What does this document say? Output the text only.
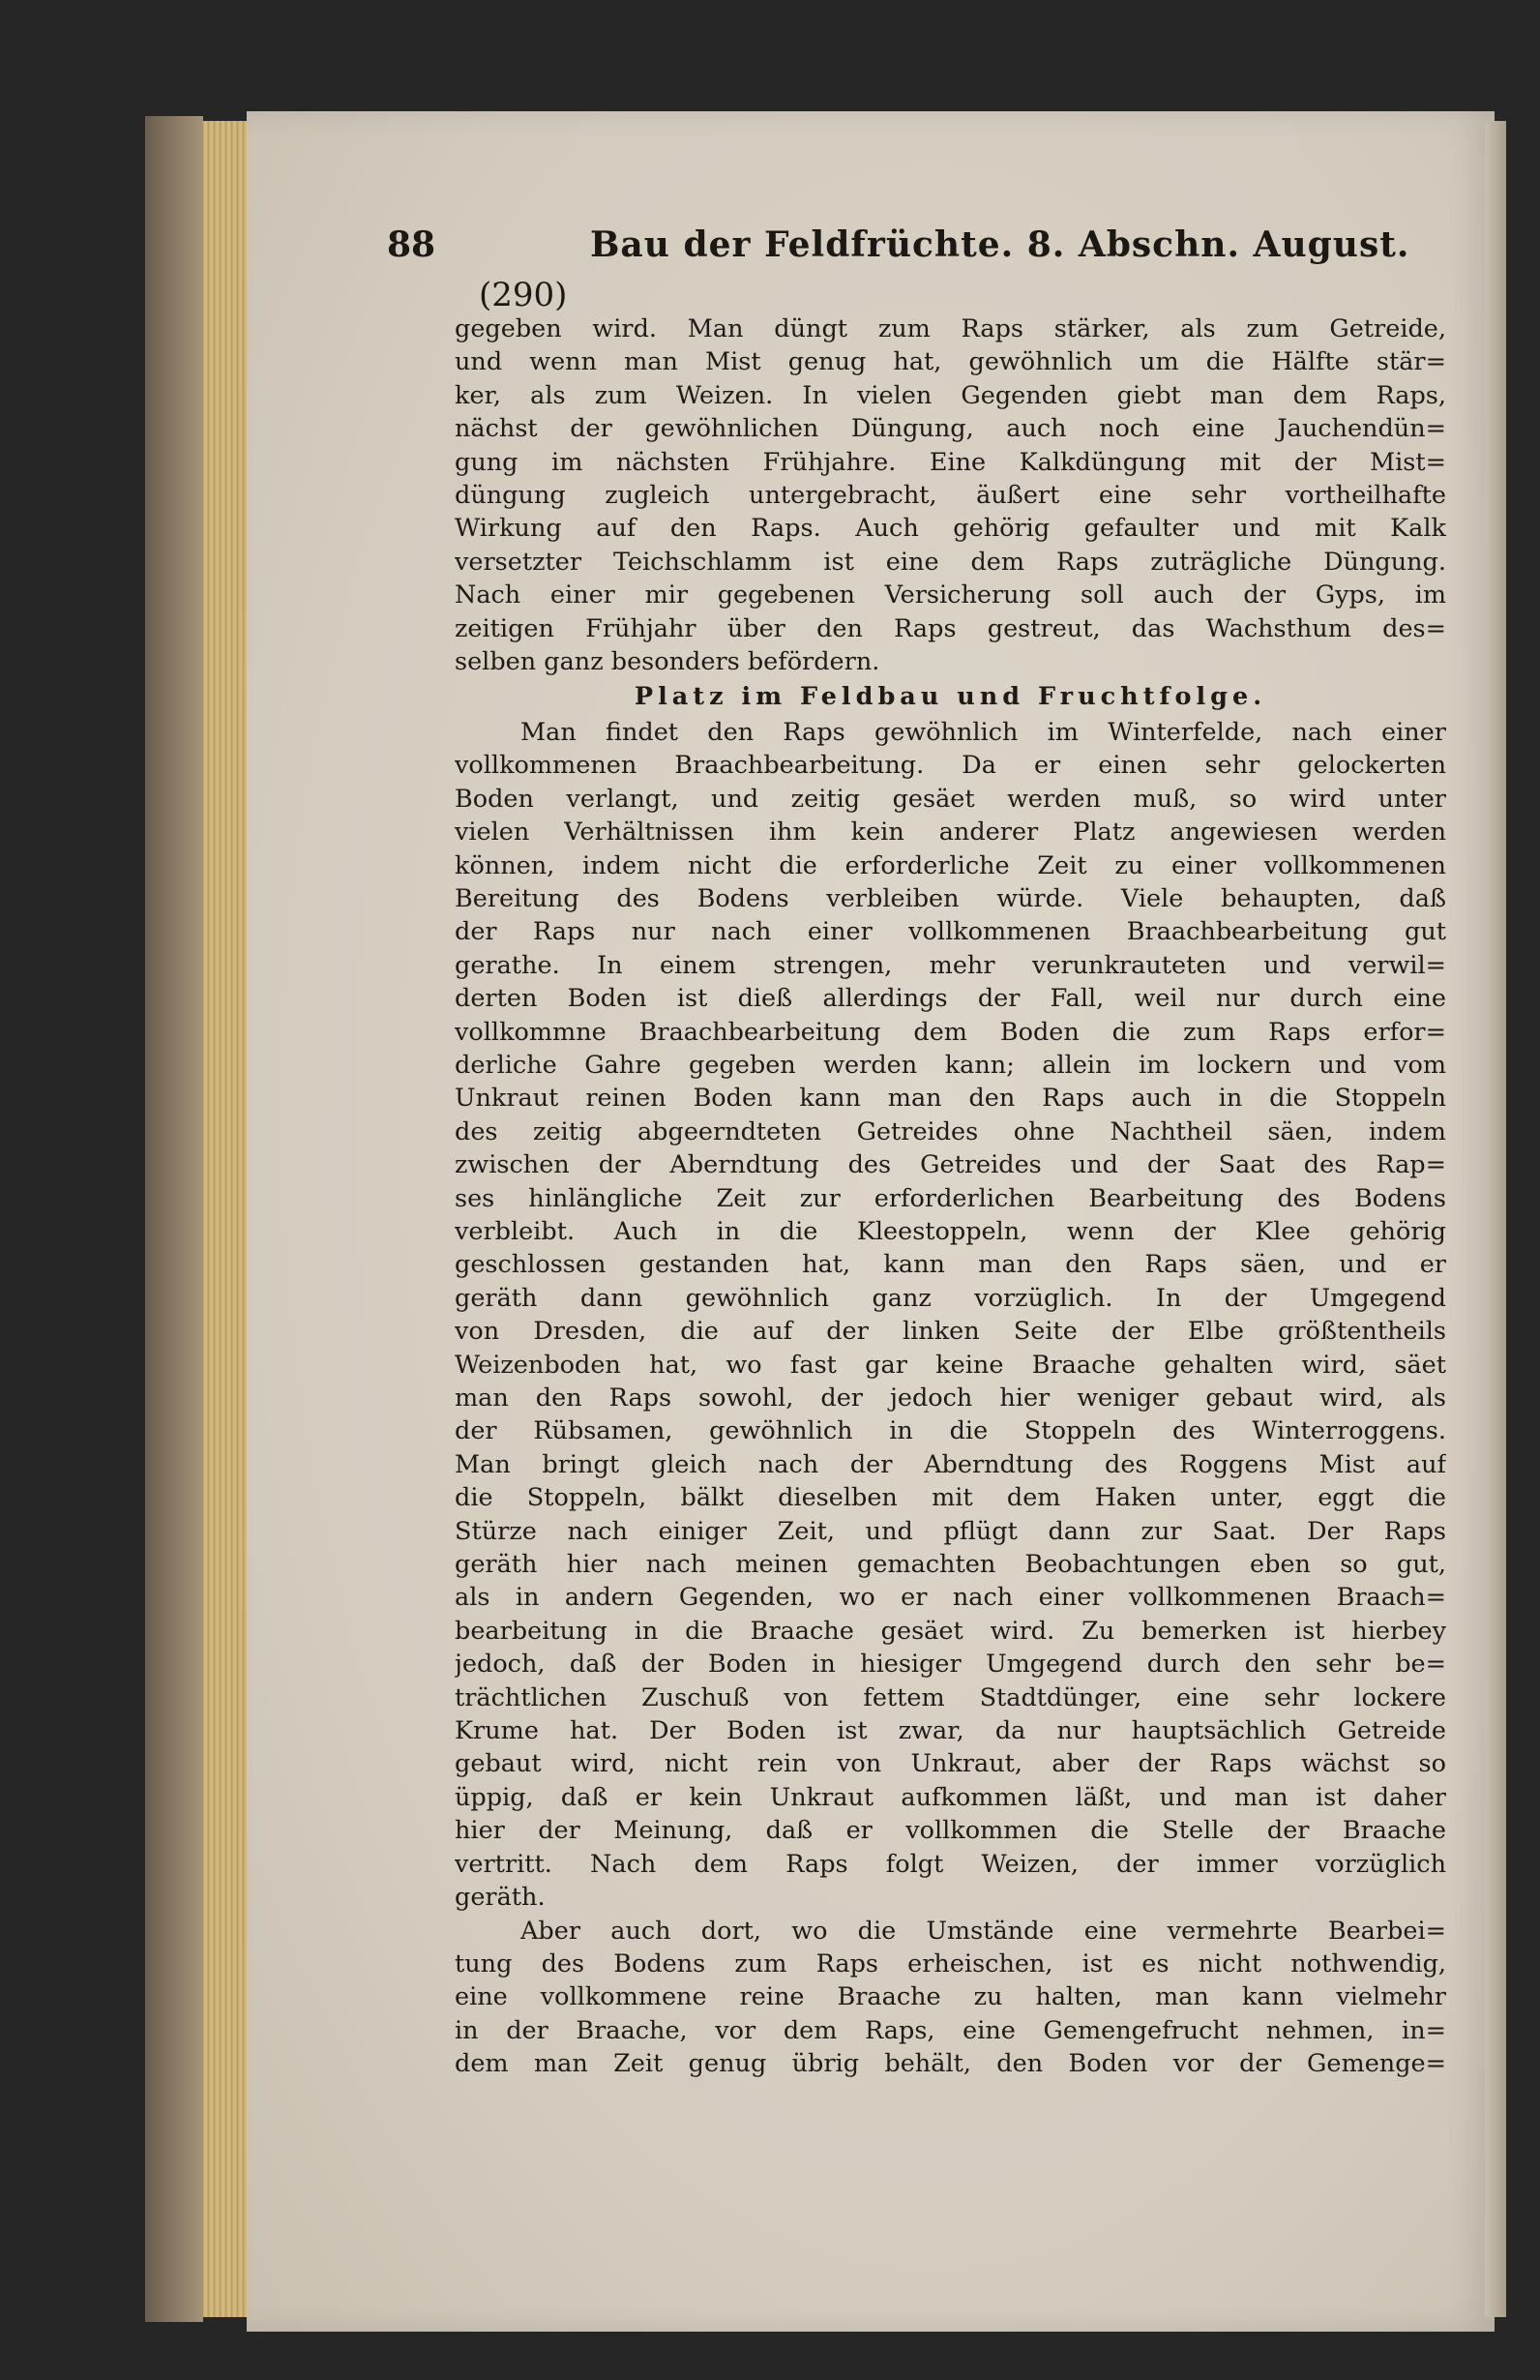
88	Bau der Feldfrüchte. 8. Abschn. August.
(290)

gegeben wird. Man düngt zum Raps stärker, als zum Getreide,
und wenn man Mist genug hat, gewöhnlich um die Hälfte stär=
ker, als zum Weizen. In vielen Gegenden giebt man dem Raps,
nächst der gewöhnlichen Düngung, auch noch eine Jauchendün=
gung im nächsten Frühjahre. Eine Kalkdüngung mit der Mist=
düngung zugleich untergebracht, äußert eine sehr vortheilhafte
Wirkung auf den Raps. Auch gehörig gefaulter und mit Kalk
versetzter Teichschlamm ist eine dem Raps zuträgliche Düngung.
Nach einer mir gegebenen Versicherung soll auch der Gyps, im
zeitigen Frühjahr über den Raps gestreut, das Wachsthum des=
selben ganz besonders befördern.

Platz im Feldbau und Fruchtfolge.

Man findet den Raps gewöhnlich im Winterfelde, nach einer
vollkommenen Braachbearbeitung. Da er einen sehr gelockerten
Boden verlangt, und zeitig gesäet werden muß, so wird unter
vielen Verhältnissen ihm kein anderer Platz angewiesen werden
können, indem nicht die erforderliche Zeit zu einer vollkommenen
Bereitung des Bodens verbleiben würde. Viele behaupten, daß
der Raps nur nach einer vollkommenen Braachbearbeitung gut
gerathe. In einem strengen, mehr verunkrauteten und verwil=
derten Boden ist dieß allerdings der Fall, weil nur durch eine
vollkommne Braachbearbeitung dem Boden die zum Raps erfor=
derliche Gahre gegeben werden kann; allein im lockern und vom
Unkraut reinen Boden kann man den Raps auch in die Stoppeln
des zeitig abgeerndteten Getreides ohne Nachtheil säen, indem
zwischen der Aberndtung des Getreides und der Saat des Rap=
ses hinlängliche Zeit zur erforderlichen Bearbeitung des Bodens
verbleibt. Auch in die Kleestoppeln, wenn der Klee gehörig
geschlossen gestanden hat, kann man den Raps säen, und er
geräth dann gewöhnlich ganz vorzüglich. In der Umgegend
von Dresden, die auf der linken Seite der Elbe größtentheils
Weizenboden hat, wo fast gar keine Braache gehalten wird, säet
man den Raps sowohl, der jedoch hier weniger gebaut wird, als
der Rübsamen, gewöhnlich in die Stoppeln des Winterroggens.
Man bringt gleich nach der Aberndtung des Roggens Mist auf
die Stoppeln, bälkt dieselben mit dem Haken unter, eggt die
Stürze nach einiger Zeit, und pflügt dann zur Saat. Der Raps
geräth hier nach meinen gemachten Beobachtungen eben so gut,
als in andern Gegenden, wo er nach einer vollkommenen Braach=
bearbeitung in die Braache gesäet wird. Zu bemerken ist hierbey
jedoch, daß der Boden in hiesiger Umgegend durch den sehr be=
trächtlichen Zuschuß von fettem Stadtdünger, eine sehr lockere
Krume hat. Der Boden ist zwar, da nur hauptsächlich Getreide
gebaut wird, nicht rein von Unkraut, aber der Raps wächst so
üppig, daß er kein Unkraut aufkommen läßt, und man ist daher
hier der Meinung, daß er vollkommen die Stelle der Braache
vertritt. Nach dem Raps folgt Weizen, der immer vorzüglich
geräth.

Aber auch dort, wo die Umstände eine vermehrte Bearbei=
tung des Bodens zum Raps erheischen, ist es nicht nothwendig,
eine vollkommene reine Braache zu halten, man kann vielmehr
in der Braache, vor dem Raps, eine Gemengefrucht nehmen, in=
dem man Zeit genug übrig behält, den Boden vor der Gemenge=
